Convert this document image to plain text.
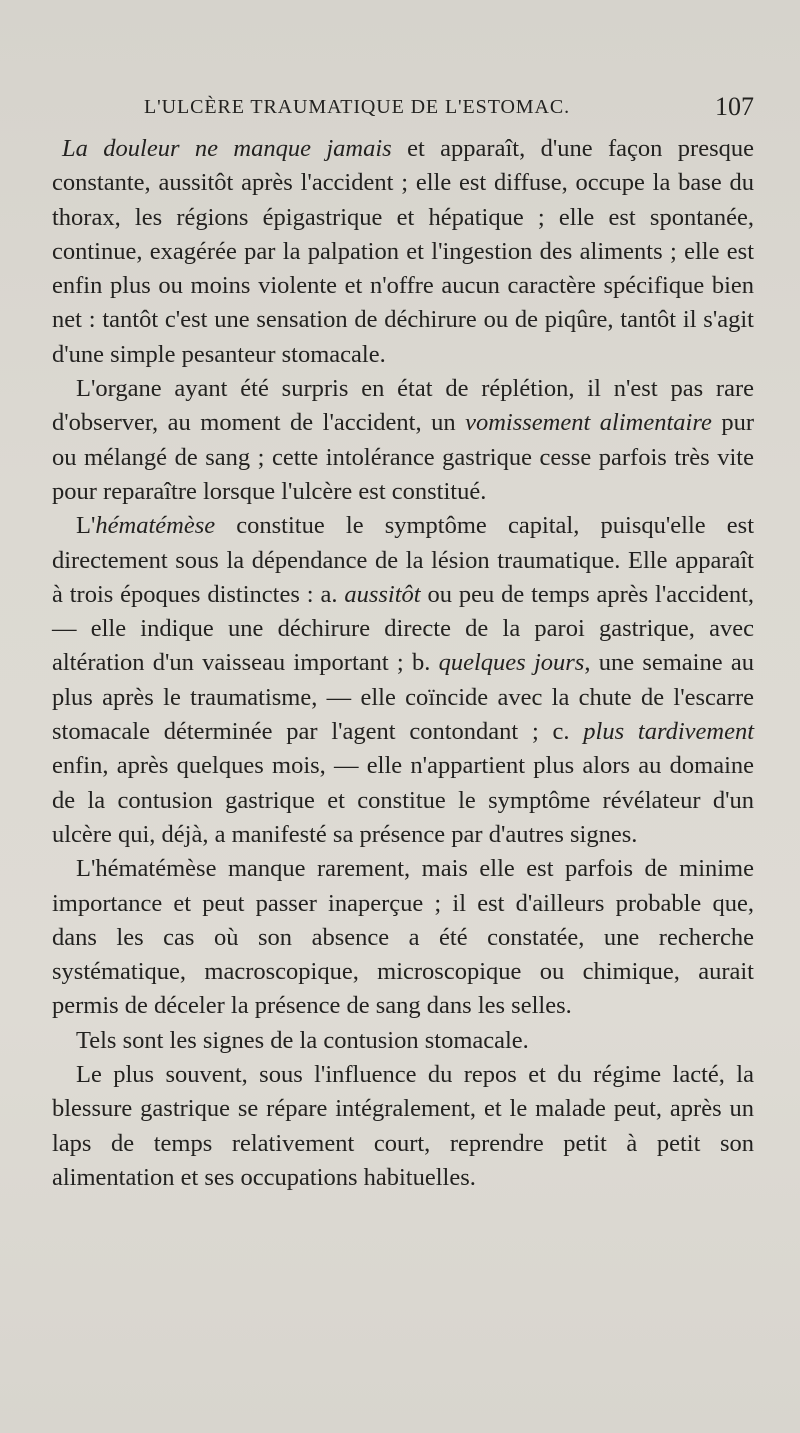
L'ULCÈRE TRAUMATIQUE DE L'ESTOMAC.	107

La douleur ne manque jamais et apparaît, d'une façon presque constante, aussitôt après l'accident ; elle est diffuse, occupe la base du thorax, les régions épigastrique et hépatique ; elle est spontanée, continue, exagérée par la palpation et l'ingestion des aliments ; elle est enfin plus ou moins violente et n'offre aucun caractère spécifique bien net : tantôt c'est une sensation de déchirure ou de piqûre, tantôt il s'agit d'une simple pesanteur stomacale.

L'organe ayant été surpris en état de réplétion, il n'est pas rare d'observer, au moment de l'accident, un vomissement alimentaire pur ou mélangé de sang ; cette intolérance gastrique cesse parfois très vite pour reparaître lorsque l'ulcère est constitué.

L'hématémèse constitue le symptôme capital, puisqu'elle est directement sous la dépendance de la lésion traumatique. Elle apparaît à trois époques distinctes : a. aussitôt ou peu de temps après l'accident, — elle indique une déchirure directe de la paroi gastrique, avec altération d'un vaisseau important ; b. quelques jours, une semaine au plus après le traumatisme, — elle coïncide avec la chute de l'escarre stomacale déterminée par l'agent contondant ; c. plus tardivement enfin, après quelques mois, — elle n'appartient plus alors au domaine de la contusion gastrique et constitue le symptôme révélateur d'un ulcère qui, déjà, a manifesté sa présence par d'autres signes.

L'hématémèse manque rarement, mais elle est parfois de minime importance et peut passer inaperçue ; il est d'ailleurs probable que, dans les cas où son absence a été constatée, une recherche systématique, macroscopique, microscopique ou chimique, aurait permis de déceler la présence de sang dans les selles.

Tels sont les signes de la contusion stomacale.

Le plus souvent, sous l'influence du repos et du régime lacté, la blessure gastrique se répare intégralement, et le malade peut, après un laps de temps relativement court, reprendre petit à petit son alimentation et ses occupations habituelles.
